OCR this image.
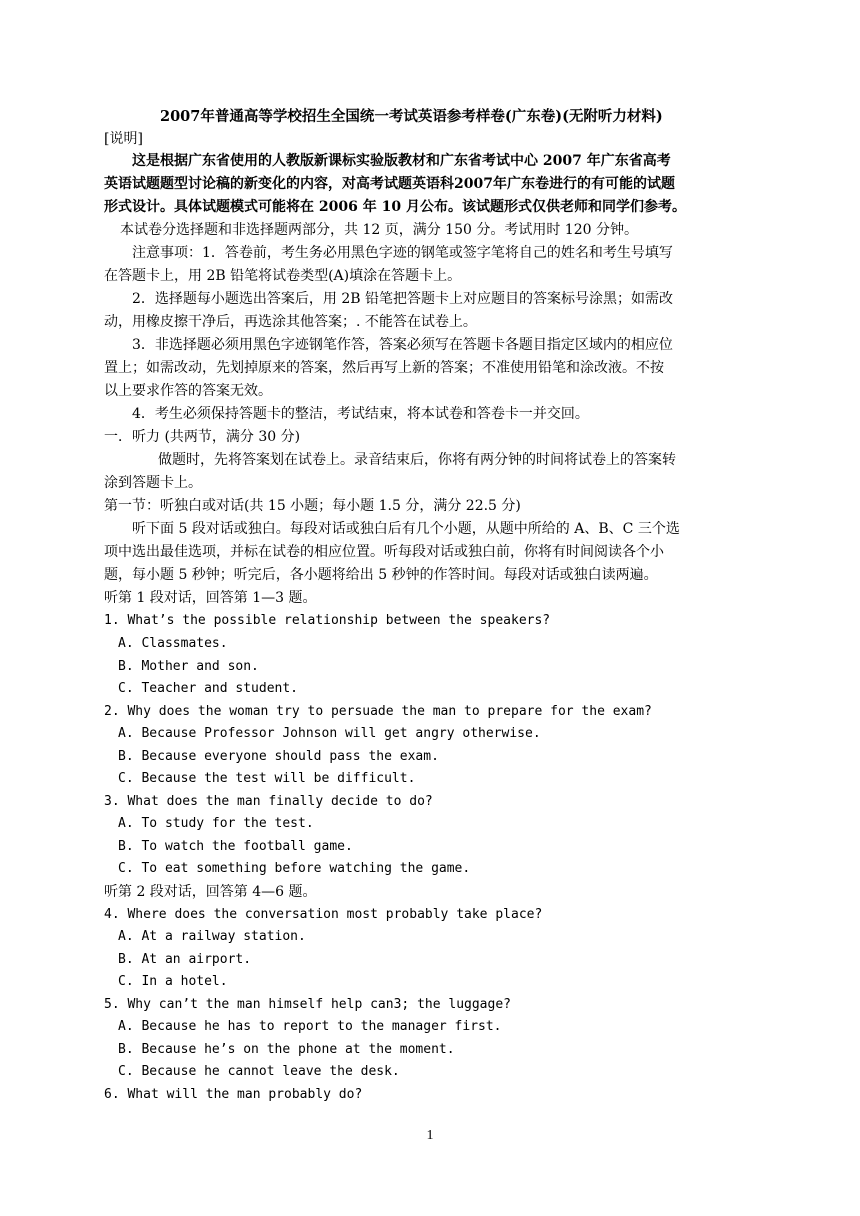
2007年普通高等学校招生全国统一考试英语参考样卷(广东卷)(无附听力材料)
[说明]
这是根据广东省使用的人教版新课标实验版教材和广东省考试中心 2007 年广东省高考
英语试题题型讨论稿的新变化的内容，对高考试题英语科2007年广东卷进行的有可能的试题
形式设计。具体试题模式可能将在 2006 年 10 月公布。该试题形式仅供老师和同学们参考。
本试卷分选择题和非选择题两部分，共 12 页，满分 150 分。考试用时 120 分钟。
注意事项：1．答卷前，考生务必用黑色字迹的钢笔或签字笔将自己的姓名和考生号填写
在答题卡上，用 2B 铅笔将试卷类型(A)填涂在答题卡上。
2．选择题每小题选出答案后，用 2B 铅笔把答题卡上对应题目的答案标号涂黑；如需改
动，用橡皮擦干净后，再选涂其他答案；. 不能答在试卷上。
3．非选择题必须用黑色字迹钢笔作答，答案必须写在答题卡各题目指定区域内的相应位
置上；如需改动，先划掉原来的答案，然后再写上新的答案；不准使用铅笔和涂改液。不按
以上要求作答的答案无效。
4．考生必须保持答题卡的整洁，考试结束，将本试卷和答卷卡一并交回。
一．听力 (共两节，满分 30 分)
做题时，先将答案划在试卷上。录音结束后，你将有两分钟的时间将试卷上的答案转
涂到答题卡上。
第一节：听独白或对话(共 15 小题；每小题 1.5 分，满分 22.5 分)
听下面 5 段对话或独白。每段对话或独白后有几个小题，从题中所给的 A、B、C 三个选
项中选出最佳选项，并标在试卷的相应位置。听每段对话或独白前，你将有时间阅读各个小
题，每小题 5 秒钟；听完后，各小题将给出 5 秒钟的作答时间。每段对话或独白读两遍。
听第 1 段对话，回答第 1—3 题。
1. What’s the possible relationship between the speakers?
A. Classmates.
B. Mother and son.
C. Teacher and student.
2. Why does the woman try to persuade the man to prepare for the exam?
A. Because Professor Johnson will get angry otherwise.
B. Because everyone should pass the exam.
C. Because the test will be difficult.
3. What does the man finally decide to do?
A. To study for the test.
B. To watch the football game.
C. To eat something before watching the game.
听第 2 段对话，回答第 4—6 题。
4. Where does the conversation most probably take place?
A. At a railway station.
B. At an airport.
C. In a hotel.
5. Why can’t the man himself help can3; the luggage?
A. Because he has to report to the manager first.
B. Because he’s on the phone at the moment.
C. Because he cannot leave the desk.
6. What will the man probably do?
1
